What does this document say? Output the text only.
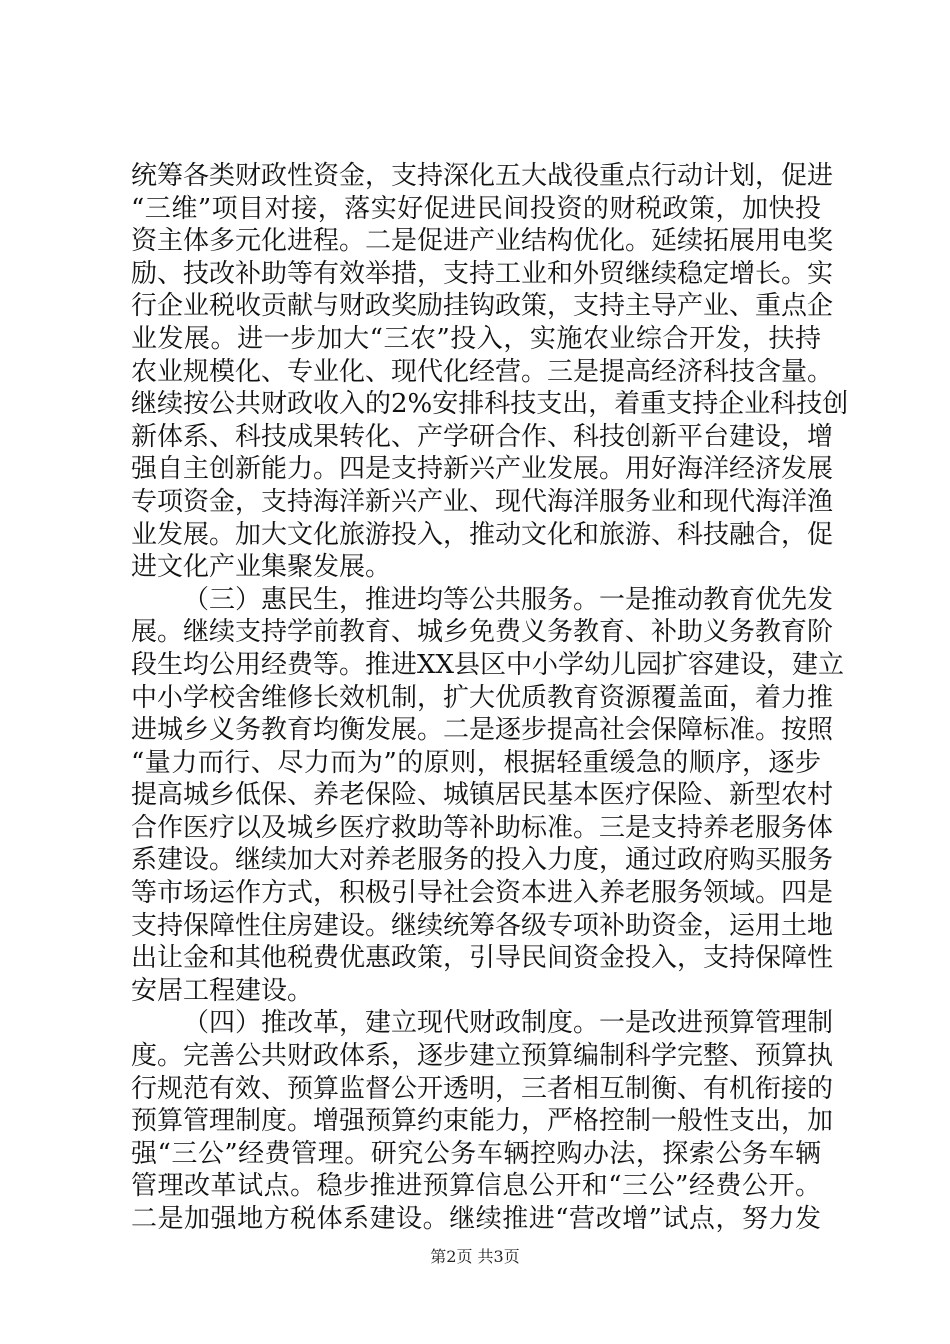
统筹各类财政性资金，支持深化五大战役重点行动计划，促进
“三维”项目对接，落实好促进民间投资的财税政策，加快投
资主体多元化进程。二是促进产业结构优化。延续拓展用电奖
励、技改补助等有效举措，支持工业和外贸继续稳定增长。实
行企业税收贡献与财政奖励挂钩政策，支持主导产业、重点企
业发展。进一步加大“三农”投入，实施农业综合开发，扶持
农业规模化、专业化、现代化经营。三是提高经济科技含量。
继续按公共财政收入的2%安排科技支出，着重支持企业科技创
新体系、科技成果转化、产学研合作、科技创新平台建设，增
强自主创新能力。四是支持新兴产业发展。用好海洋经济发展
专项资金，支持海洋新兴产业、现代海洋服务业和现代海洋渔
业发展。加大文化旅游投入，推动文化和旅游、科技融合，促
进文化产业集聚发展。
（三）惠民生，推进均等公共服务。一是推动教育优先发
展。继续支持学前教育、城乡免费义务教育、补助义务教育阶
段生均公用经费等。推进XX县区中小学幼儿园扩容建设，建立
中小学校舍维修长效机制，扩大优质教育资源覆盖面，着力推
进城乡义务教育均衡发展。二是逐步提高社会保障标准。按照
“量力而行、尽力而为”的原则，根据轻重缓急的顺序，逐步
提高城乡低保、养老保险、城镇居民基本医疗保险、新型农村
合作医疗以及城乡医疗救助等补助标准。三是支持养老服务体
系建设。继续加大对养老服务的投入力度，通过政府购买服务
等市场运作方式，积极引导社会资本进入养老服务领域。四是
支持保障性住房建设。继续统筹各级专项补助资金，运用土地
出让金和其他税费优惠政策，引导民间资金投入，支持保障性
安居工程建设。
（四）推改革，建立现代财政制度。一是改进预算管理制
度。完善公共财政体系，逐步建立预算编制科学完整、预算执
行规范有效、预算监督公开透明，三者相互制衡、有机衔接的
预算管理制度。增强预算约束能力，严格控制一般性支出，加
强“三公”经费管理。研究公务车辆控购办法，探索公务车辆
管理改革试点。稳步推进预算信息公开和“三公”经费公开。
二是加强地方税体系建设。继续推进“营改增”试点，努力发
第2页 共3页
